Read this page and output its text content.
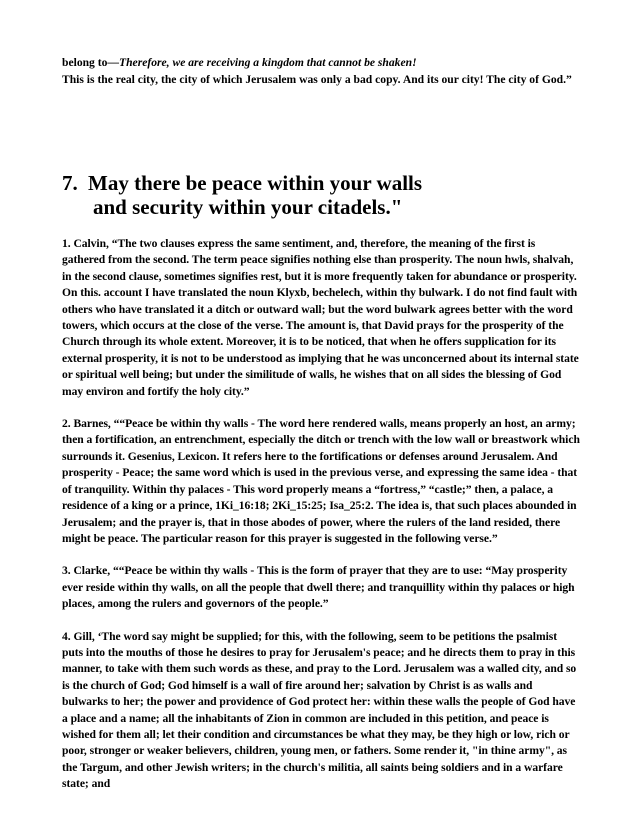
belong to—Therefore, we are receiving a kingdom that cannot be shaken!

This is the real city, the city of which Jerusalem was only a bad copy. And its our city! The city of God.”

7. May there be peace within your walls
and security within your citadels."

1. Calvin, “The two clauses express the same sentiment, and, therefore, the meaning of the first is gathered from the second. The term peace signifies nothing else than prosperity. The noun hwls, shalvah, in the second clause, sometimes signifies rest, but it is more frequently taken for abundance or prosperity. On this. account I have translated the noun Klyxb, bechelech, within thy bulwark. I do not find fault with others who have translated it a ditch or outward wall; but the word bulwark agrees better with the word towers, which occurs at the close of the verse. The amount is, that David prays for the prosperity of the Church through its whole extent. Moreover, it is to be noticed, that when he offers supplication for its external prosperity, it is not to be understood as implying that he was unconcerned about its internal state or spiritual well being; but under the similitude of walls, he wishes that on all sides the blessing of God may environ and fortify the holy city.”

2. Barnes, ““Peace be within thy walls - The word here rendered walls, means properly an host, an army; then a fortification, an entrenchment, especially the ditch or trench with the low wall or breastwork which surrounds it. Gesenius, Lexicon. It refers here to the fortifications or defenses around Jerusalem. And prosperity - Peace; the same word which is used in the previous verse, and expressing the same idea - that of tranquility. Within thy palaces - This word properly means a “fortress,” “castle;” then, a palace, a residence of a king or a prince, 1Ki_16:18; 2Ki_15:25; Isa_25:2. The idea is, that such places abounded in Jerusalem; and the prayer is, that in those abodes of power, where the rulers of the land resided, there might be peace. The particular reason for this prayer is suggested in the following verse.”

3. Clarke, ““Peace be within thy walls - This is the form of prayer that they are to use: “May prosperity ever reside within thy walls, on all the people that dwell there; and tranquillity within thy palaces or high places, among the rulers and governors of the people.”

4. Gill, ‘The word say might be supplied; for this, with the following, seem to be petitions the psalmist puts into the mouths of those he desires to pray for Jerusalem's peace; and he directs them to pray in this manner, to take with them such words as these, and pray to the Lord. Jerusalem was a walled city, and so is the church of God; God himself is a wall of fire around her; salvation by Christ is as walls and bulwarks to her; the power and providence of God protect her: within these walls the people of God have a place and a name; all the inhabitants of Zion in common are included in this petition, and peace is wished for them all; let their condition and circumstances be what they may, be they high or low, rich or poor, stronger or weaker believers, children, young men, or fathers. Some render it, "in thine army", as the Targum, and other Jewish writers; in the church's militia, all saints being soldiers and in a warfare state; and
